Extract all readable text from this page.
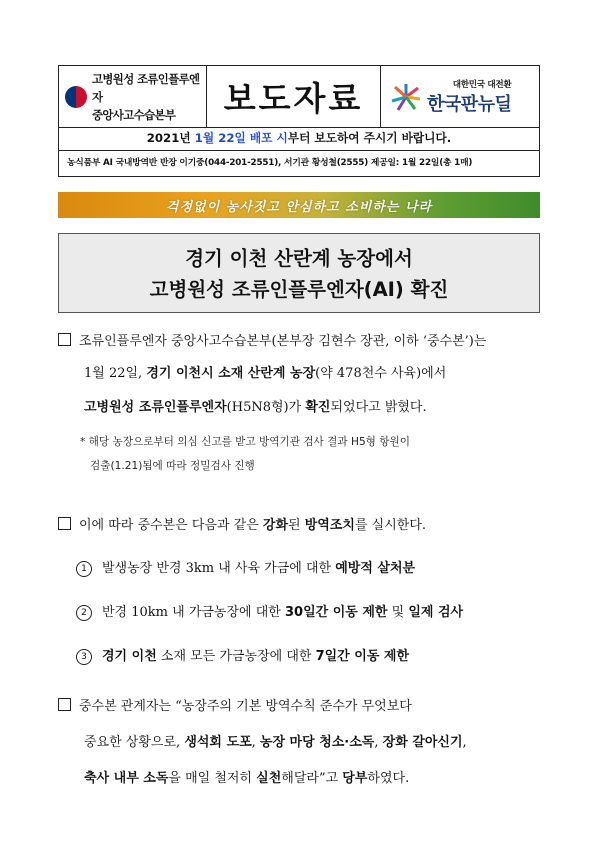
고병원성 조류인플루엔자
중앙사고수습본부	보도자료	대한민국 대전환
한국판뉴딜
2021년 1월 22일 배포 시부터 보도하여 주시기 바랍니다.
농식품부 AI 국내방역반 반장 이기중(044-201-2551), 서기관 황성철(2555) 제공일: 1월 22일(총 1매)
걱정없이 농사짓고 안심하고 소비하는 나라
경기 이천 산란계 농장에서
고병원성 조류인플루엔자(AI) 확진
조류인플루엔자 중앙사고수습본부(본부장 김현수 장관, 이하 ‘중수본’)는
1월 22일, 경기 이천시 소재 산란계 농장(약 478천수 사육)에서
고병원성 조류인플루엔자(H5N8형)가 확진되었다고 밝혔다.
* 해당 농장으로부터 의심 신고를 받고 방역기관 검사 결과 H5형 항원이
검출(1.21)됨에 따라 정밀검사 진행
이에 따라 중수본은 다음과 같은 강화된 방역조치를 실시한다.
1 발생농장 반경 3km 내 사육 가금에 대한 예방적 살처분
2 반경 10km 내 가금농장에 대한 30일간 이동 제한 및 일제 검사
3 경기 이천 소재 모든 가금농장에 대한 7일간 이동 제한
중수본 관계자는 “농장주의 기본 방역수칙 준수가 무엇보다
중요한 상황으로, 생석회 도포, 농장 마당 청소·소독, 장화 갈아신기,
축사 내부 소독을 매일 철저히 실천해달라”고 당부하였다.
